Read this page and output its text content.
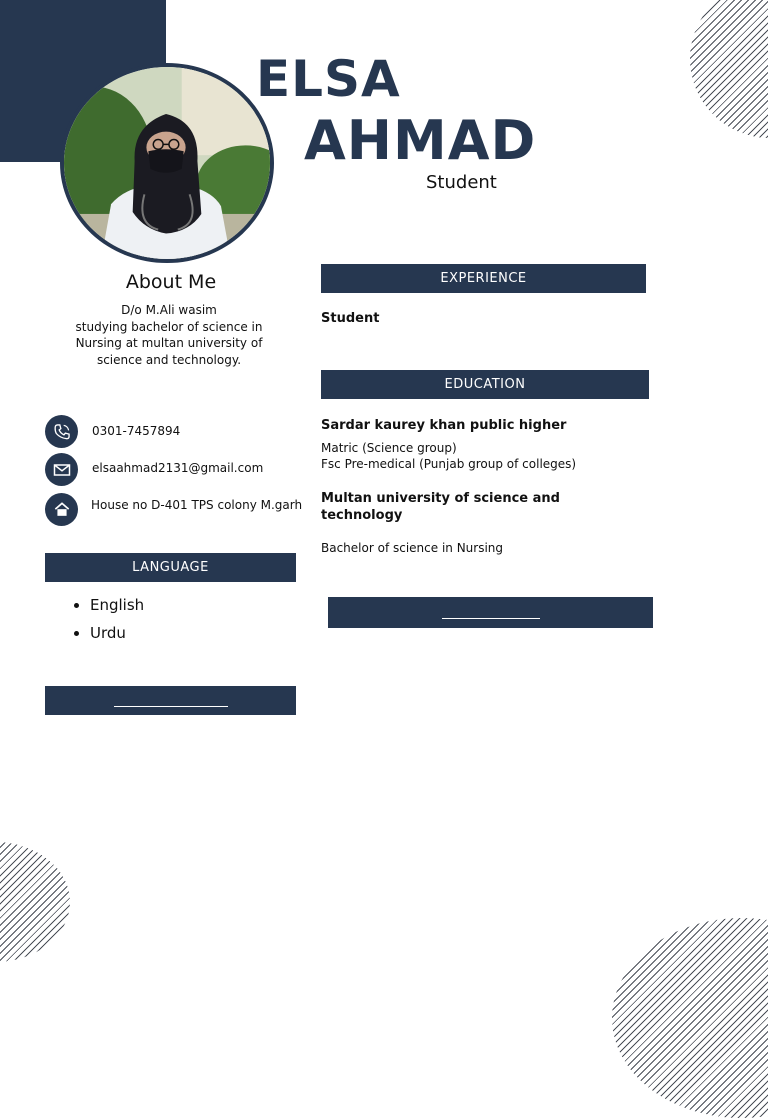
ELSA
AHMAD
Student
About Me
D/o M.Ali wasim
studying bachelor of science in
Nursing at multan university of
science and technology.
0301-7457894
elsaahmad2131@gmail.com
House no D-401 TPS colony M.garh
LANGUAGE
• English
• Urdu
EXPERIENCE
Student
EDUCATION
Sardar kaurey khan public higher
Matric (Science group)
Fsc Pre-medical (Punjab group of colleges)
Multan university of science and
technology
Bachelor of science in Nursing
